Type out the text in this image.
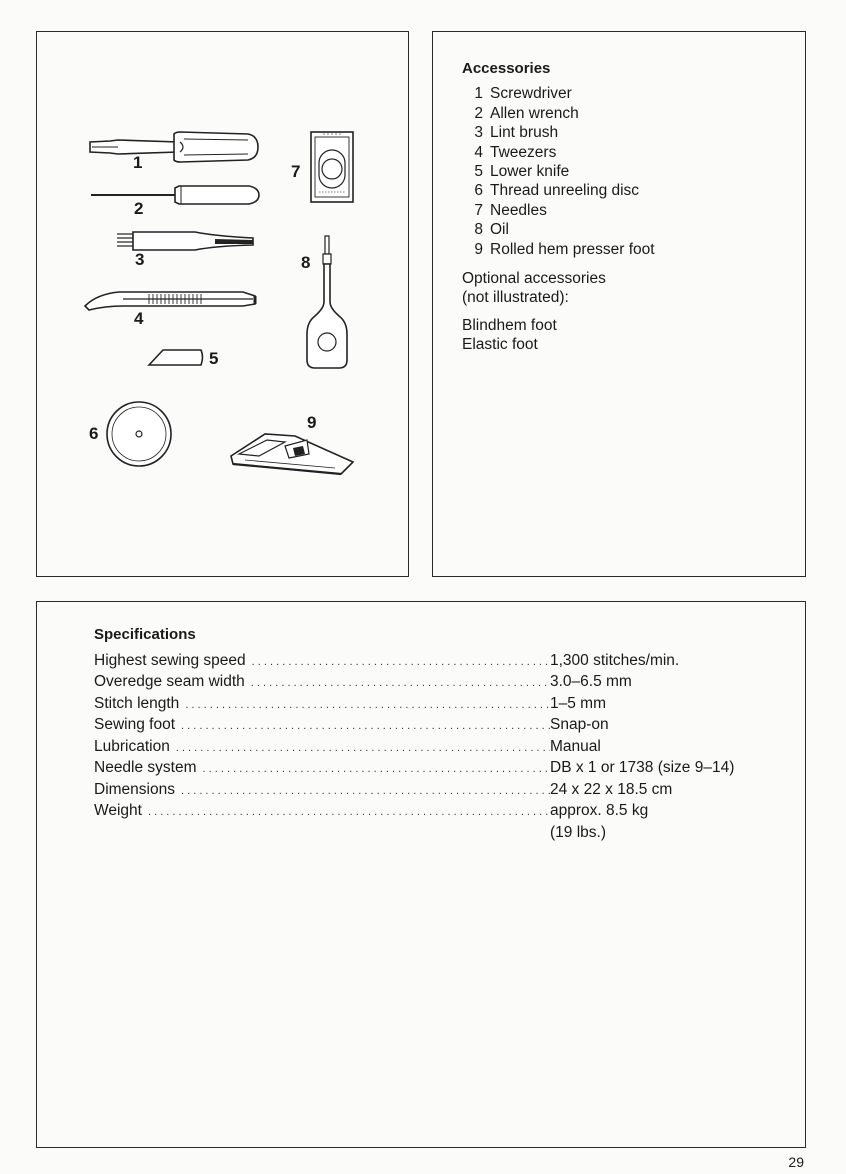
1
2
3
4
5
6
7
8
9

Accessories

1 Screwdriver
2 Allen wrench
3 Lint brush
4 Tweezers
5 Lower knife
6 Thread unreeling disc
7 Needles
8 Oil
9 Rolled hem presser foot

Optional accessories

(not illustrated):

Blindhem foot

Elastic foot

Specifications

Highest sewing speed . . .	1,300 stitches/min.
Overedge seam width . . .	3.0–6.5 mm
Stitch length . . .	1–5 mm
Sewing foot . . .	Snap-on
Lubrication . . .	Manual
Needle system . . .	DB x 1 or 1738 (size 9–14)
Dimensions . . .	24 x 22 x 18.5 cm
Weight . . .	approx. 8.5 kg
(19 lbs.)
29
